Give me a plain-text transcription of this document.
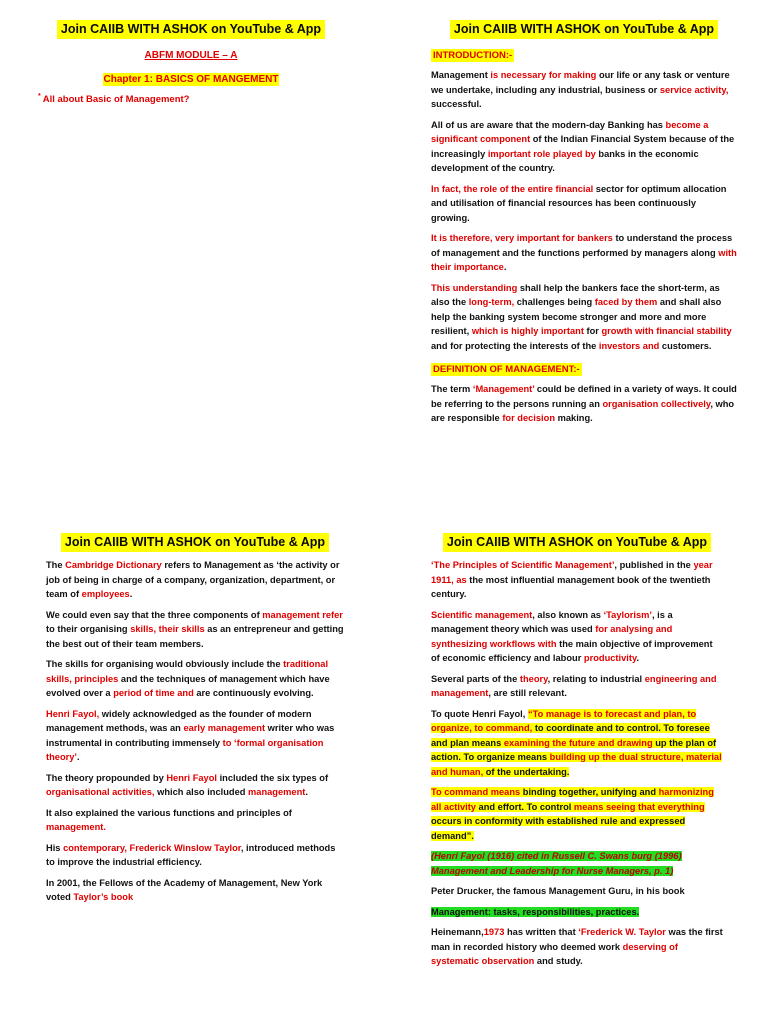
Join CAIIB WITH ASHOK on YouTube & App
ABFM MODULE – A
Chapter 1: BASICS OF MANGEMENT
* All about Basic of Management?
Join CAIIB WITH ASHOK on YouTube & App
INTRODUCTION:-

Management is necessary for making our life or any task or venture we undertake, including any industrial, business or service activity, successful.

All of us are aware that the modern-day Banking has become a significant component of the Indian Financial System because of the increasingly important role played by banks in the economic development of the country.

In fact, the role of the entire financial sector for optimum allocation and utilisation of financial resources has been continuously growing.

It is therefore, very important for bankers to understand the process of management and the functions performed by managers along with their importance.

This understanding shall help the bankers face the short-term, as also the long-term, challenges being faced by them and shall also help the banking system become stronger and more and more resilient, which is highly important for growth with financial stability and for protecting the interests of the investors and customers.

DEFINITION OF MANAGEMENT:-

The term ‘Management’ could be defined in a variety of ways. It could be referring to the persons running an organisation collectively, who are responsible for decision making.

Join CAIIB WITH ASHOK on YouTube & App

The Cambridge Dictionary refers to Management as ‘the activity or job of being in charge of a company, organization, department, or team of employees.

We could even say that the three components of management refer to their organising skills, their skills as an entrepreneur and getting the best out of their team members.

The skills for organising would obviously include the traditional skills, principles and the techniques of management which have evolved over a period of time and are continuously evolving.

Henri Fayol, widely acknowledged as the founder of modern management methods, was an early management writer who was instrumental in contributing immensely to ‘formal organisation theory’.

The theory propounded by Henri Fayol included the six types of organisational activities, which also included management.

It also explained the various functions and principles of management.

His contemporary, Frederick Winslow Taylor, introduced methods to improve the industrial efficiency.

In 2001, the Fellows of the Academy of Management, New York voted Taylor’s book

Join CAIIB WITH ASHOK on YouTube & App

‘The Principles of Scientific Management’, published in the year 1911, as the most influential management book of the twentieth century.

Scientific management, also known as ‘Taylorism’, is a management theory which was used for analysing and synthesizing workflows with the main objective of improvement of economic efficiency and labour productivity.

Several parts of the theory, relating to industrial engineering and management, are still relevant.

To quote Henri Fayol, “To manage is to forecast and plan, to organize, to command, to coordinate and to control. To foresee and plan means examining the future and drawing up the plan of action. To organize means building up the dual structure, material and human, of the undertaking.

To command means binding together, unifying and harmonizing all activity and effort. To control means seeing that everything occurs in conformity with established rule and expressed demand”.

(Henri Fayol (1916) cited in Russell C. Swans burg (1996) Management and Leadership for Nurse Managers, p. 1)

Peter Drucker, the famous Management Guru, in his book

Management: tasks, responsibilities, practices.

Heinemann,1973 has written that ‘Frederick W. Taylor was the first man in recorded history who deemed work deserving of systematic observation and study.
